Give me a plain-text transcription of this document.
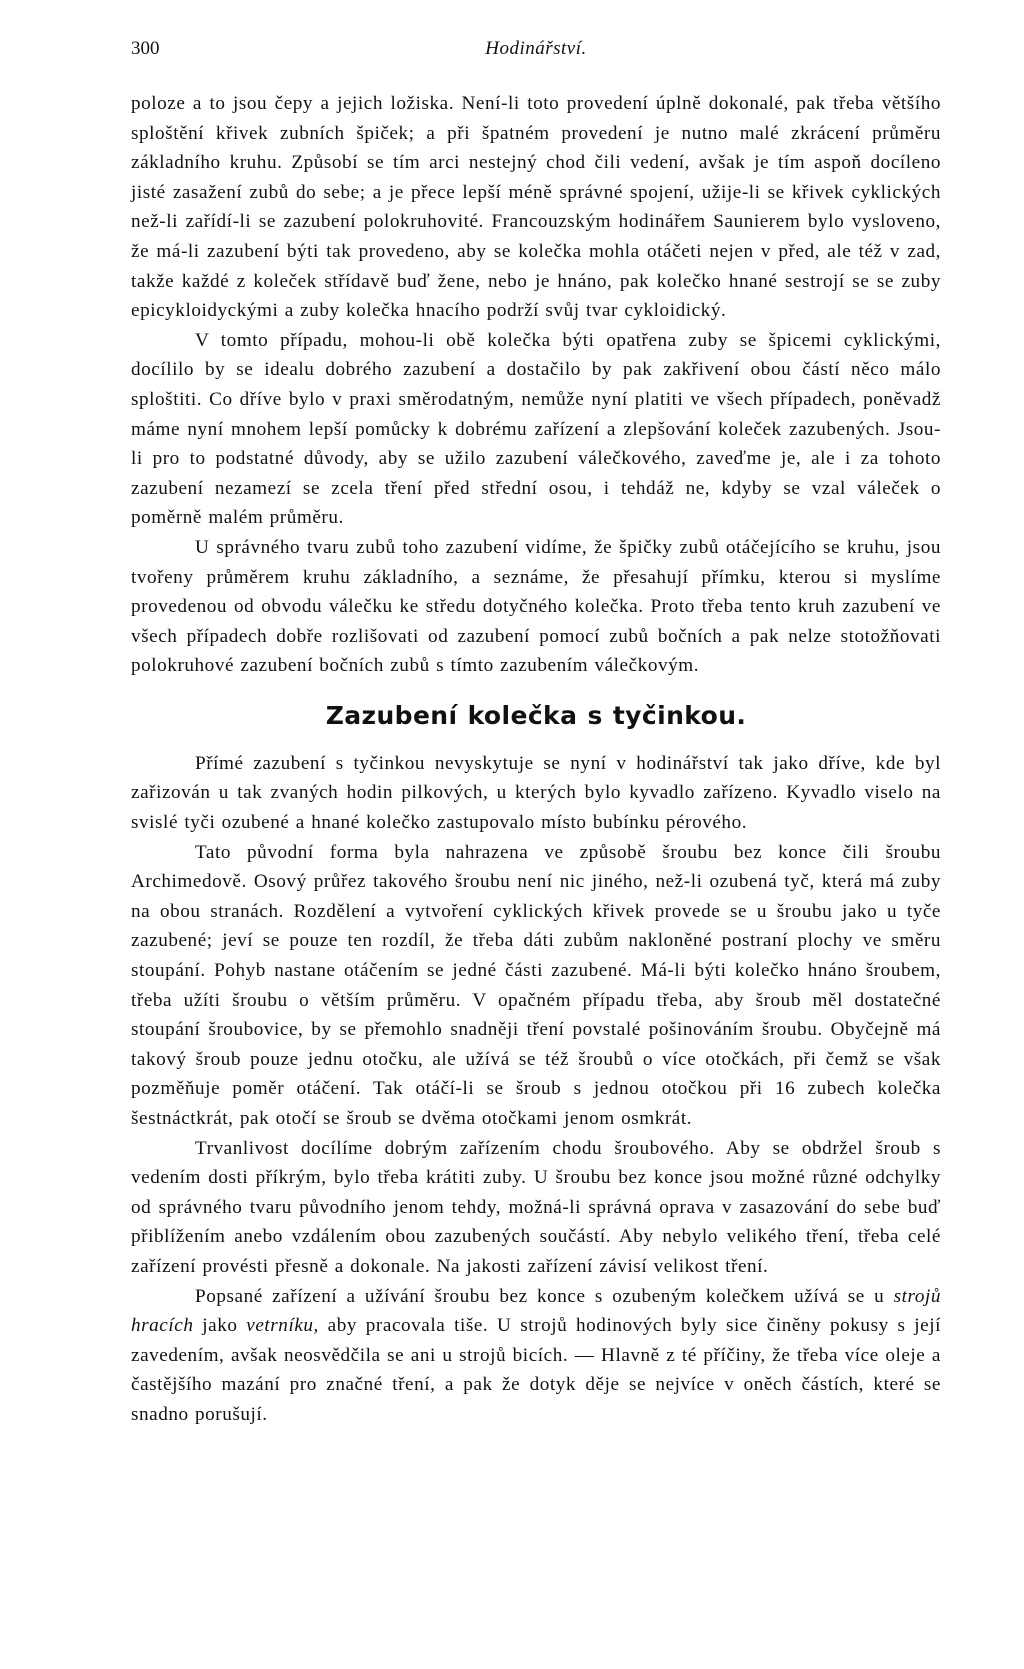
300	Hodinářství.

poloze a to jsou čepy a jejich ložiska. Není-li toto provedení úplně dokonalé, pak třeba většího sploštění křivek zubních špiček; a při špatném provedení je nutno malé zkrácení průměru základního kruhu. Způsobí se tím arci nestejný chod čili vedení, avšak je tím aspoň docíleno jisté zasažení zubů do sebe; a je přece lepší méně správné spojení, užije-li se křivek cyklických než-li zařídí-li se zazubení polokruhovité. Francouzským hodinářem Saunierem bylo vysloveno, že má-li zazubení býti tak provedeno, aby se kolečka mohla otáčeti nejen v před, ale též v zad, takže každé z koleček střídavě buď žene, nebo je hnáno, pak kolečko hnané sestrojí se se zuby epicykloidyckými a zuby kolečka hnacího podrží svůj tvar cykloidický.

V tomto případu, mohou-li obě kolečka býti opatřena zuby se špicemi cyklickými, docílilo by se idealu dobrého zazubení a dostačilo by pak zakřivení obou částí něco málo sploštiti. Co dříve bylo v praxi směrodatným, nemůže nyní platiti ve všech případech, poněvadž máme nyní mnohem lepší pomůcky k dobrému zařízení a zlepšování koleček zazubených. Jsou-li pro to podstatné důvody, aby se užilo zazubení válečkového, zaveďme je, ale i za tohoto zazubení nezamezí se zcela tření před střední osou, i tehdáž ne, kdyby se vzal váleček o poměrně malém průměru.

U správného tvaru zubů toho zazubení vidíme, že špičky zubů otáčejícího se kruhu, jsou tvořeny průměrem kruhu základního, a seznáme, že přesahují přímku, kterou si myslíme provedenou od obvodu válečku ke středu dotyčného kolečka. Proto třeba tento kruh zazubení ve všech případech dobře rozlišovati od zazubení pomocí zubů bočních a pak nelze stotožňovati polokruhové zazubení bočních zubů s tímto zazubením válečkovým.

Zazubení kolečka s tyčinkou.

Přímé zazubení s tyčinkou nevyskytuje se nyní v hodinářství tak jako dříve, kde byl zařizován u tak zvaných hodin pilkových, u kterých bylo kyvadlo zařízeno. Kyvadlo viselo na svislé tyči ozubené a hnané kolečko zastupovalo místo bubínku pérového.

Tato původní forma byla nahrazena ve způsobě šroubu bez konce čili šroubu Archimedově. Osový průřez takového šroubu není nic jiného, než-li ozubená tyč, která má zuby na obou stranách. Rozdělení a vytvoření cyklických křivek provede se u šroubu jako u tyče zazubené; jeví se pouze ten rozdíl, že třeba dáti zubům nakloněné postraní plochy ve směru stoupání. Pohyb nastane otáčením se jedné části zazubené. Má-li býti kolečko hnáno šroubem, třeba užíti šroubu o větším průměru. V opačném případu třeba, aby šroub měl dostatečné stoupání šroubovice, by se přemohlo snadněji tření povstalé pošinováním šroubu. Obyčejně má takový šroub pouze jednu otočku, ale užívá se též šroubů o více otočkách, při čemž se však pozměňuje poměr otáčení. Tak otáčí-li se šroub s jednou otočkou při 16 zubech kolečka šestnáctkrát, pak otočí se šroub se dvěma otočkami jenom osmkrát.

Trvanlivost docílíme dobrým zařízením chodu šroubového. Aby se obdržel šroub s vedením dosti příkrým, bylo třeba krátiti zuby. U šroubu bez konce jsou možné různé odchylky od správného tvaru původního jenom tehdy, možná-li správná oprava v zasazování do sebe buď přiblížením anebo vzdálením obou zazubených součástí. Aby nebylo velikého tření, třeba celé zařízení provésti přesně a dokonale. Na jakosti zařízení závisí velikost tření.

Popsané zařízení a užívání šroubu bez konce s ozubeným kolečkem užívá se u strojů hracích jako vetrníku, aby pracovala tiše. U strojů hodinových byly sice činěny pokusy s její zavedením, avšak neosvědčila se ani u strojů bicích. — Hlavně z té příčiny, že třeba více oleje a častějšího mazání pro značné tření, a pak že dotyk děje se nejvíce v oněch částích, které se snadno porušují.
